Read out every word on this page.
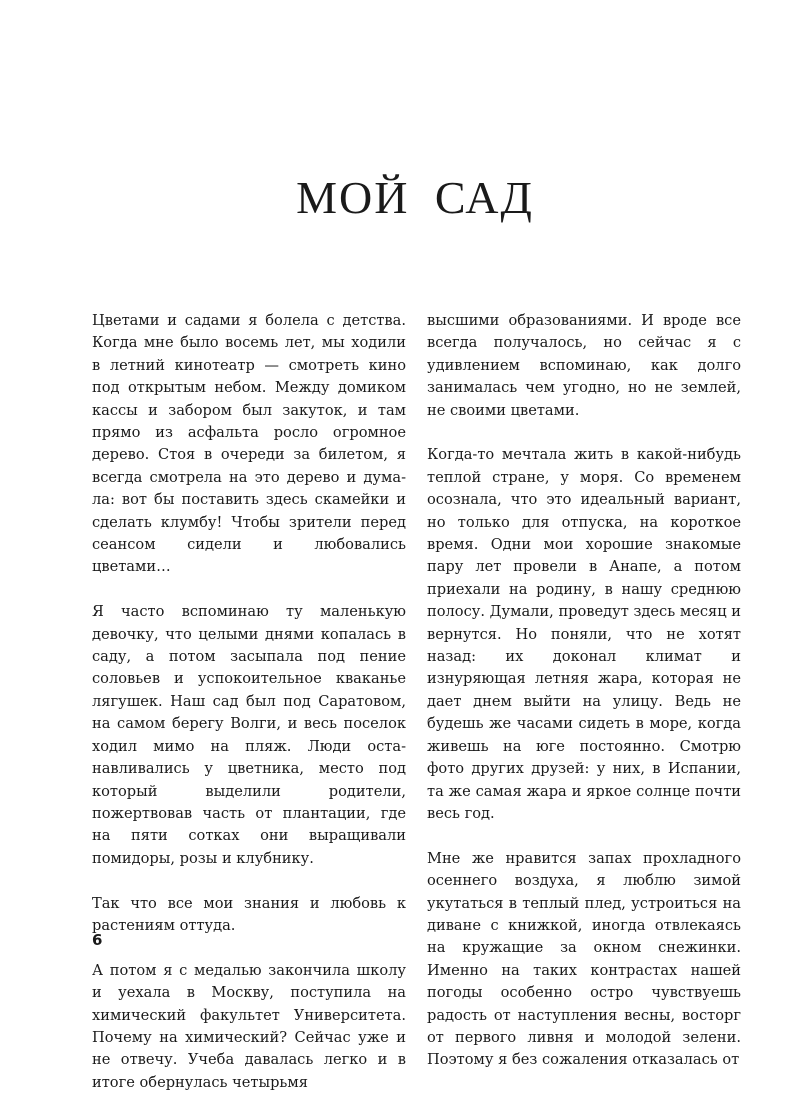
МОЙ САД

Цветами и садами я болела с детства. Когда мне было восемь лет, мы ходили в летний кинотеатр — смотреть кино под открытым небом. Между домиком кассы и забором был закуток, и там прямо из асфальта росло огромное дерево. Стоя в очереди за билетом, я всегда смотрела на это дерево и думала: вот бы поставить здесь скамейки и сделать клумбу! Чтобы зрители перед сеансом сидели и любовались цветами…

Я часто вспоминаю ту маленькую девочку, что целыми днями копалась в саду, а потом засыпала под пение соловьев и успокоительное кваканье лягушек. Наш сад был под Саратовом, на самом берегу Волги, и весь поселок ходил мимо на пляж. Люди останавливались у цветника, место под который выделили родители, пожертвовав часть от плантации, где на пяти сотках они выращивали помидоры, розы и клубнику.

Так что все мои знания и любовь к растениям оттуда.

А потом я с медалью закончила школу и уехала в Москву, поступила на химический факультет Университета. Почему на химический? Сейчас уже и не отвечу. Учеба давалась легко и в итоге обернулась четырьмя

высшими образованиями. И вроде все всегда получалось, но сейчас я с удивлением вспоминаю, как долго занималась чем угодно, но не землей, не своими цветами.

Когда-то мечтала жить в какой-нибудь теплой стране, у моря. Со временем осознала, что это идеальный вариант, но только для отпуска, на короткое время. Одни мои хорошие знакомые пару лет провели в Анапе, а потом приехали на родину, в нашу среднюю полосу. Думали, проведут здесь месяц и вернутся. Но поняли, что не хотят назад: их доконал климат и изнуряющая летняя жара, которая не дает днем выйти на улицу. Ведь не будешь же часами сидеть в море, когда живешь на юге постоянно. Смотрю фото других друзей: у них, в Испании, та же самая жара и яркое солнце почти весь год.

Мне же нравится запах прохладного осеннего воздуха, я люблю зимой укутаться в теплый плед, устроиться на диване с книжкой, иногда отвлекаясь на кружащие за окном снежинки. Именно на таких контрастах нашей погоды особенно остро чувствуешь радость от наступления весны, восторг от первого ливня и молодой зелени. Поэтому я без сожаления отказалась от

6
